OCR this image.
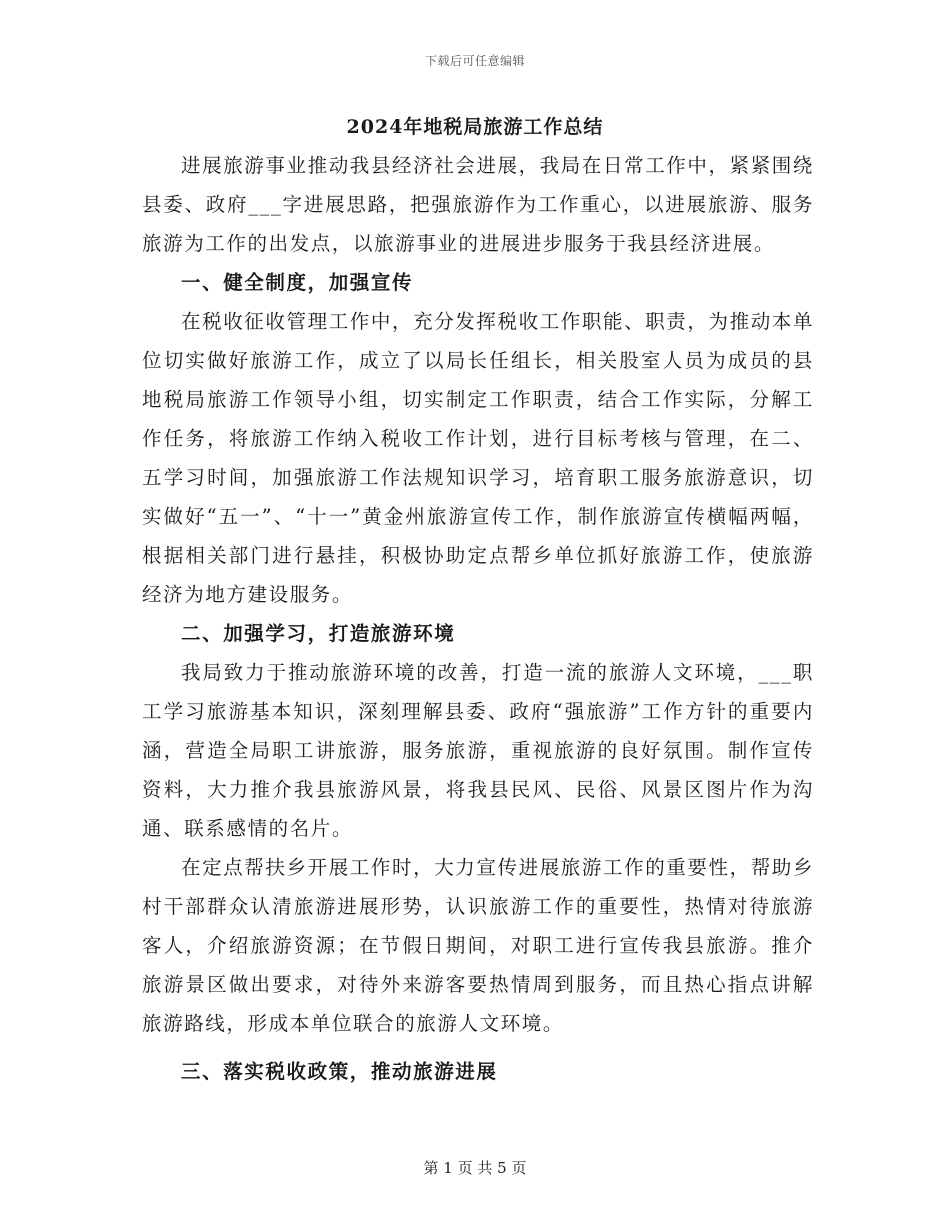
下载后可任意编辑
2024年地税局旅游工作总结

进展旅游事业推动我县经济社会进展，我局在日常工作中，紧紧围绕县委、政府___字进展思路，把强旅游作为工作重心，以进展旅游、服务旅游为工作的出发点，以旅游事业的进展进步服务于我县经济进展。

一、健全制度，加强宣传

在税收征收管理工作中，充分发挥税收工作职能、职责，为推动本单位切实做好旅游工作，成立了以局长任组长，相关股室人员为成员的县地税局旅游工作领导小组，切实制定工作职责，结合工作实际，分解工作任务，将旅游工作纳入税收工作计划，进行目标考核与管理，在二、五学习时间，加强旅游工作法规知识学习，培育职工服务旅游意识，切实做好“五一”、“十一”黄金州旅游宣传工作，制作旅游宣传横幅两幅，根据相关部门进行悬挂，积极协助定点帮乡单位抓好旅游工作，使旅游经济为地方建设服务。

二、加强学习，打造旅游环境

我局致力于推动旅游环境的改善，打造一流的旅游人文环境，___职工学习旅游基本知识，深刻理解县委、政府“强旅游”工作方针的重要内涵，营造全局职工讲旅游，服务旅游，重视旅游的良好氛围。制作宣传资料，大力推介我县旅游风景，将我县民风、民俗、风景区图片作为沟通、联系感情的名片。

在定点帮扶乡开展工作时，大力宣传进展旅游工作的重要性，帮助乡村干部群众认清旅游进展形势，认识旅游工作的重要性，热情对待旅游客人，介绍旅游资源；在节假日期间，对职工进行宣传我县旅游。推介旅游景区做出要求，对待外来游客要热情周到服务，而且热心指点讲解旅游路线，形成本单位联合的旅游人文环境。

三、落实税收政策，推动旅游进展
第 1 页 共 5 页
